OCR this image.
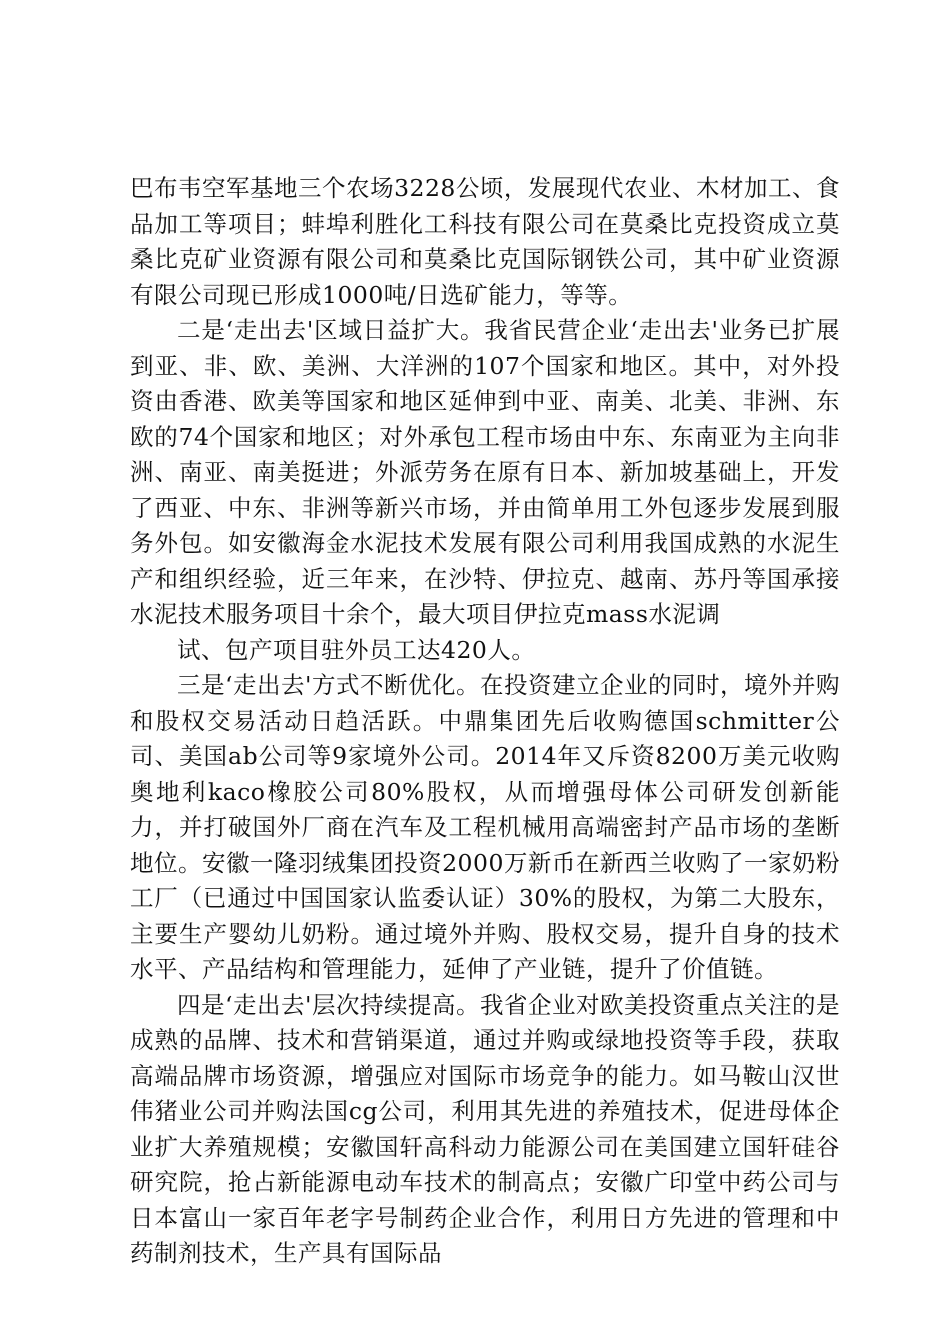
巴布韦空军基地三个农场3228公顷，发展现代农业、木材加工、食品加工等项目；蚌埠利胜化工科技有限公司在莫桑比克投资成立莫桑比克矿业资源有限公司和莫桑比克国际钢铁公司，其中矿业资源有限公司现已形成1000吨/日选矿能力，等等。

二是‘走出去'区域日益扩大。我省民营企业‘走出去'业务已扩展到亚、非、欧、美洲、大洋洲的107个国家和地区。其中，对外投资由香港、欧美等国家和地区延伸到中亚、南美、北美、非洲、东欧的74个国家和地区；对外承包工程市场由中东、东南亚为主向非洲、南亚、南美挺进；外派劳务在原有日本、新加坡基础上，开发了西亚、中东、非洲等新兴市场，并由简单用工外包逐步发展到服务外包。如安徽海金水泥技术发展有限公司利用我国成熟的水泥生产和组织经验，近三年来，在沙特、伊拉克、越南、苏丹等国承接水泥技术服务项目十余个，最大项目伊拉克mass水泥调

试、包产项目驻外员工达420人。

三是‘走出去'方式不断优化。在投资建立企业的同时，境外并购和股权交易活动日趋活跃。中鼎集团先后收购德国schmitter公司、美国ab公司等9家境外公司。2014年又斥资8200万美元收购奥地利kaco橡胶公司80%股权，从而增强母体公司研发创新能力，并打破国外厂商在汽车及工程机械用高端密封产品市场的垄断地位。安徽一隆羽绒集团投资2000万新币在新西兰收购了一家奶粉工厂（已通过中国国家认监委认证）30%的股权，为第二大股东，主要生产婴幼儿奶粉。通过境外并购、股权交易，提升自身的技术水平、产品结构和管理能力，延伸了产业链，提升了价值链。

四是‘走出去'层次持续提高。我省企业对欧美投资重点关注的是成熟的品牌、技术和营销渠道，通过并购或绿地投资等手段，获取高端品牌市场资源，增强应对国际市场竞争的能力。如马鞍山汉世伟猪业公司并购法国cg公司，利用其先进的养殖技术，促进母体企业扩大养殖规模；安徽国轩高科动力能源公司在美国建立国轩硅谷研究院，抢占新能源电动车技术的制高点；安徽广印堂中药公司与日本富山一家百年老字号制药企业合作，利用日方先进的管理和中药制剂技术，生产具有国际品
